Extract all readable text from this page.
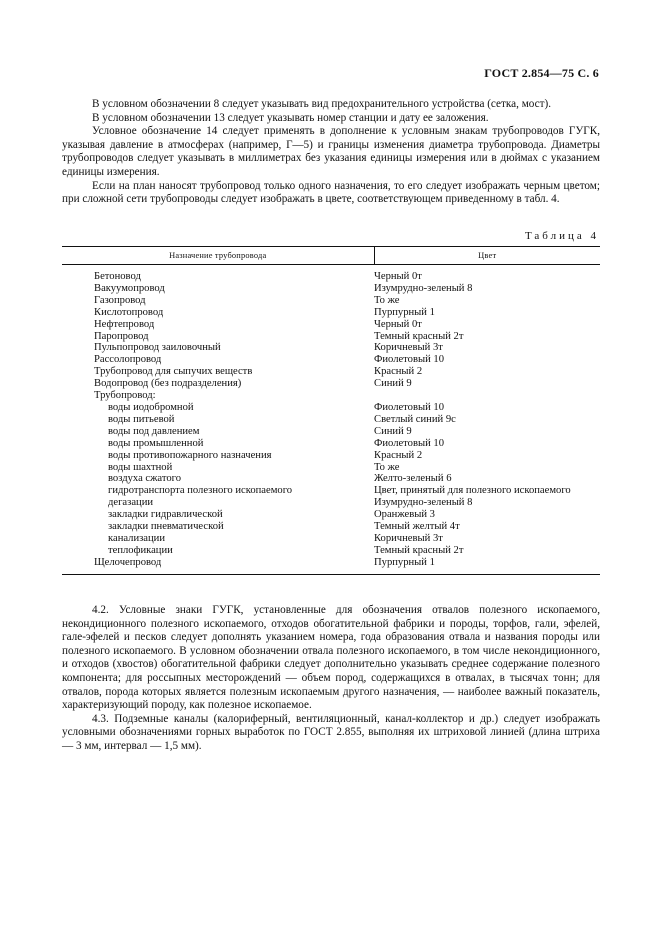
ГОСТ 2.854—75 С. 6

В условном обозначении 8 следует указывать вид предохранительного устройства (сетка, мост).

В условном обозначении 13 следует указывать номер станции и дату ее заложения.

Условное обозначение 14 следует применять в дополнение к условным знакам трубопроводов ГУГК, указывая давление в атмосферах (например, Г—5) и границы изменения диаметра трубопровода. Диаметры трубопроводов следует указывать в миллиметрах без указания единицы измерения или в дюймах с указанием единицы измерения.

Если на план наносят трубопровод только одного назначения, то его следует изображать черным цветом; при сложной сети трубопроводы следует изображать в цвете, соответствующем приведенному в табл. 4.

Таблица 4
Назначение трубопровода	Цвет
Бетоновод	Черный 0т
Вакуумопровод	Изумрудно-зеленый 8
Газопровод	То же
Кислотопровод	Пурпурный 1
Нефтепровод	Черный 0т
Паропровод	Темный красный 2т
Пульпопровод заиловочный	Коричневый 3т
Рассолопровод	Фиолетовый 10
Трубопровод для сыпучих веществ	Красный 2
Водопровод (без подразделения)	Синий 9
Трубопровод:	
воды иодобромной	Фиолетовый 10
воды питьевой	Светлый синий 9с
воды под давлением	Синий 9
воды промышленной	Фиолетовый 10
воды противопожарного назначения	Красный 2
воды шахтной	То же
воздуха сжатого	Желто-зеленый 6
гидротранспорта полезного ископаемого	Цвет, принятый для полезного ископаемого
дегазации	Изумрудно-зеленый 8
закладки гидравлической	Оранжевый 3
закладки пневматической	Темный желтый 4т
канализации	Коричневый 3т
теплофикации	Темный красный 2т
Щелочепровод	Пурпурный 1

4.2. Условные знаки ГУГК, установленные для обозначения отвалов полезного ископаемого, некондиционного полезного ископаемого, отходов обогатительной фабрики и породы, торфов, гали, эфелей, гале-эфелей и песков следует дополнять указанием номера, года образования отвала и названия породы или полезного ископаемого. В условном обозначении отвала полезного ископаемого, в том числе некондиционного, и отходов (хвостов) обогатительной фабрики следует дополнительно указывать среднее содержание полезного компонента; для россыпных месторождений — объем пород, содержащихся в отвалах, в тысячах тонн; для отвалов, порода которых является полезным ископаемым другого назначения, — наиболее важный показатель, характеризующий породу, как полезное ископаемое.

4.3. Подземные каналы (калориферный, вентиляционный, канал-коллектор и др.) следует изображать условными обозначениями горных выработок по ГОСТ 2.855, выполняя их штриховой линией (длина штриха — 3 мм, интервал — 1,5 мм).
